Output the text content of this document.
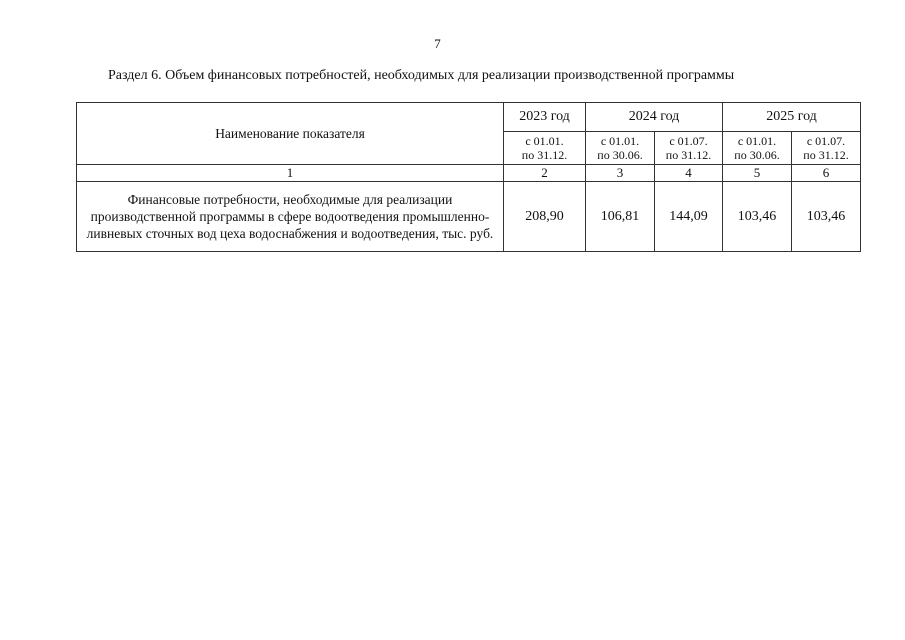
7
Раздел 6. Объем финансовых потребностей, необходимых для реализации производственной программы
Наименование показателя	2023 год	2024 год		2025 год	

	с 01.01.
по 31.12.	с 01.01.
по 30.06.	с 01.07.
по 31.12.	с 01.01.
по 30.06.	с 01.07.
по 31.12.

1	2	3	4	5	6
Финансовые потребности, необходимые для реализации производственной программы в сфере водоотведения промышленно-ливневых сточных вод цеха водоснабжения и водоотведения, тыс. руб.	208,90	106,81	144,09	103,46	103,46
